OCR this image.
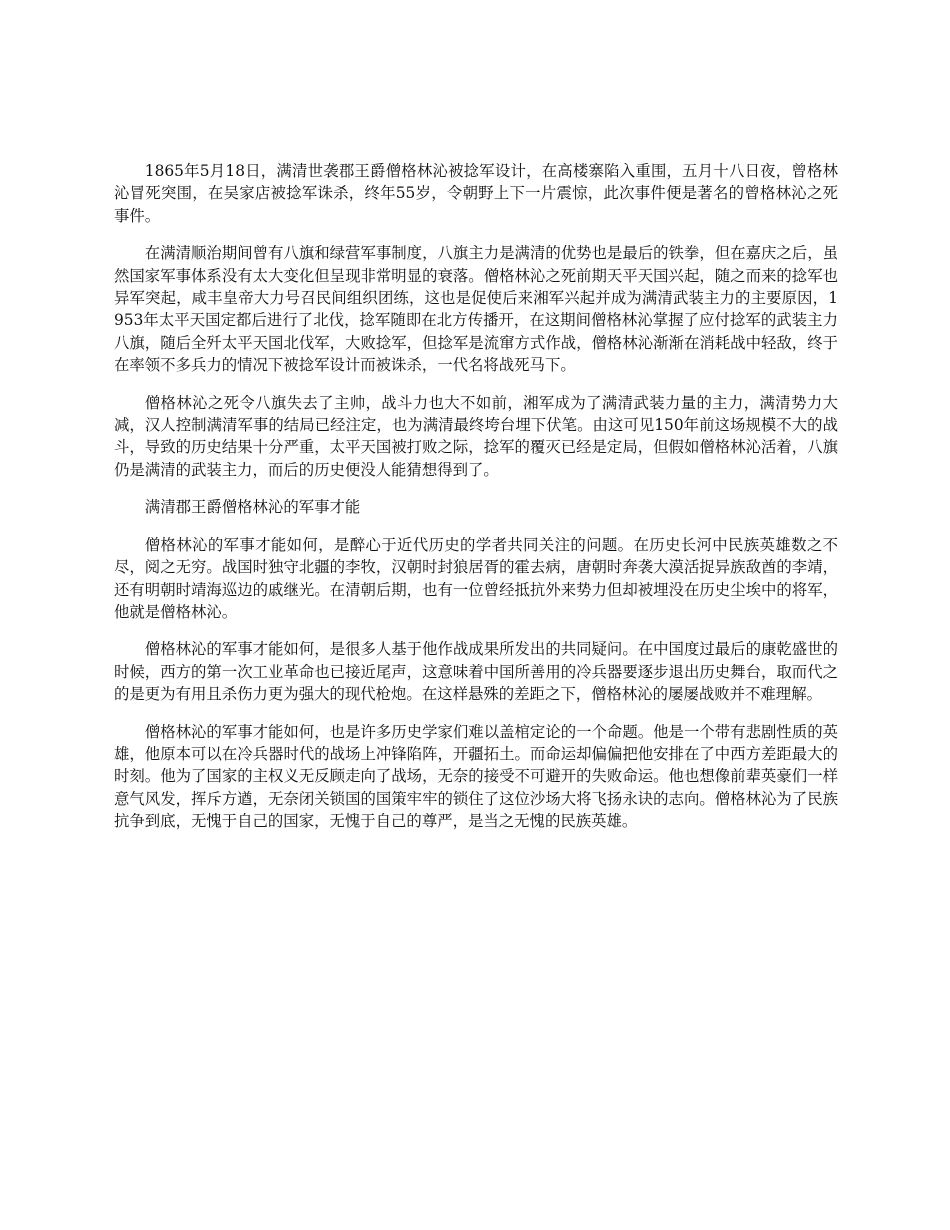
1865年5月18日，满清世袭郡王爵僧格林沁被捻军设计，在高楼寨陷入重围，五月十八日夜，曾格林沁冒死突围，在吴家店被捻军诛杀，终年55岁，令朝野上下一片震惊，此次事件便是著名的曾格林沁之死事件。

在满清顺治期间曾有八旗和绿营军事制度，八旗主力是满清的优势也是最后的铁拳，但在嘉庆之后，虽然国家军事体系没有太大变化但呈现非常明显的衰落。僧格林沁之死前期天平天国兴起，随之而来的捻军也异军突起，咸丰皇帝大力号召民间组织团练，这也是促使后来湘军兴起并成为满清武装主力的主要原因，1953年太平天国定都后进行了北伐，捻军随即在北方传播开，在这期间僧格林沁掌握了应付捻军的武装主力八旗，随后全歼太平天国北伐军，大败捻军，但捻军是流窜方式作战，僧格林沁渐渐在消耗战中轻敌，终于在率领不多兵力的情况下被捻军设计而被诛杀，一代名将战死马下。

僧格林沁之死令八旗失去了主帅，战斗力也大不如前，湘军成为了满清武装力量的主力，满清势力大减，汉人控制满清军事的结局已经注定，也为满清最终垮台埋下伏笔。由这可见150年前这场规模不大的战斗，导致的历史结果十分严重，太平天国被打败之际，捻军的覆灭已经是定局，但假如僧格林沁活着，八旗仍是满清的武装主力，而后的历史便没人能猜想得到了。

满清郡王爵僧格林沁的军事才能

僧格林沁的军事才能如何，是醉心于近代历史的学者共同关注的问题。在历史长河中民族英雄数之不尽，阅之无穷。战国时独守北疆的李牧，汉朝时封狼居胥的霍去病，唐朝时奔袭大漠活捉异族敌酋的李靖，还有明朝时靖海巡边的戚继光。在清朝后期，也有一位曾经抵抗外来势力但却被埋没在历史尘埃中的将军，他就是僧格林沁。

僧格林沁的军事才能如何，是很多人基于他作战成果所发出的共同疑问。在中国度过最后的康乾盛世的时候，西方的第一次工业革命也已接近尾声，这意味着中国所善用的冷兵器要逐步退出历史舞台，取而代之的是更为有用且杀伤力更为强大的现代枪炮。在这样悬殊的差距之下，僧格林沁的屡屡战败并不难理解。

僧格林沁的军事才能如何，也是许多历史学家们难以盖棺定论的一个命题。他是一个带有悲剧性质的英雄，他原本可以在冷兵器时代的战场上冲锋陷阵，开疆拓土。而命运却偏偏把他安排在了中西方差距最大的时刻。他为了国家的主权义无反顾走向了战场，无奈的接受不可避开的失败命运。他也想像前辈英豪们一样意气风发，挥斥方遒，无奈闭关锁国的国策牢牢的锁住了这位沙场大将飞扬永诀的志向。僧格林沁为了民族抗争到底，无愧于自己的国家，无愧于自己的尊严，是当之无愧的民族英雄。
